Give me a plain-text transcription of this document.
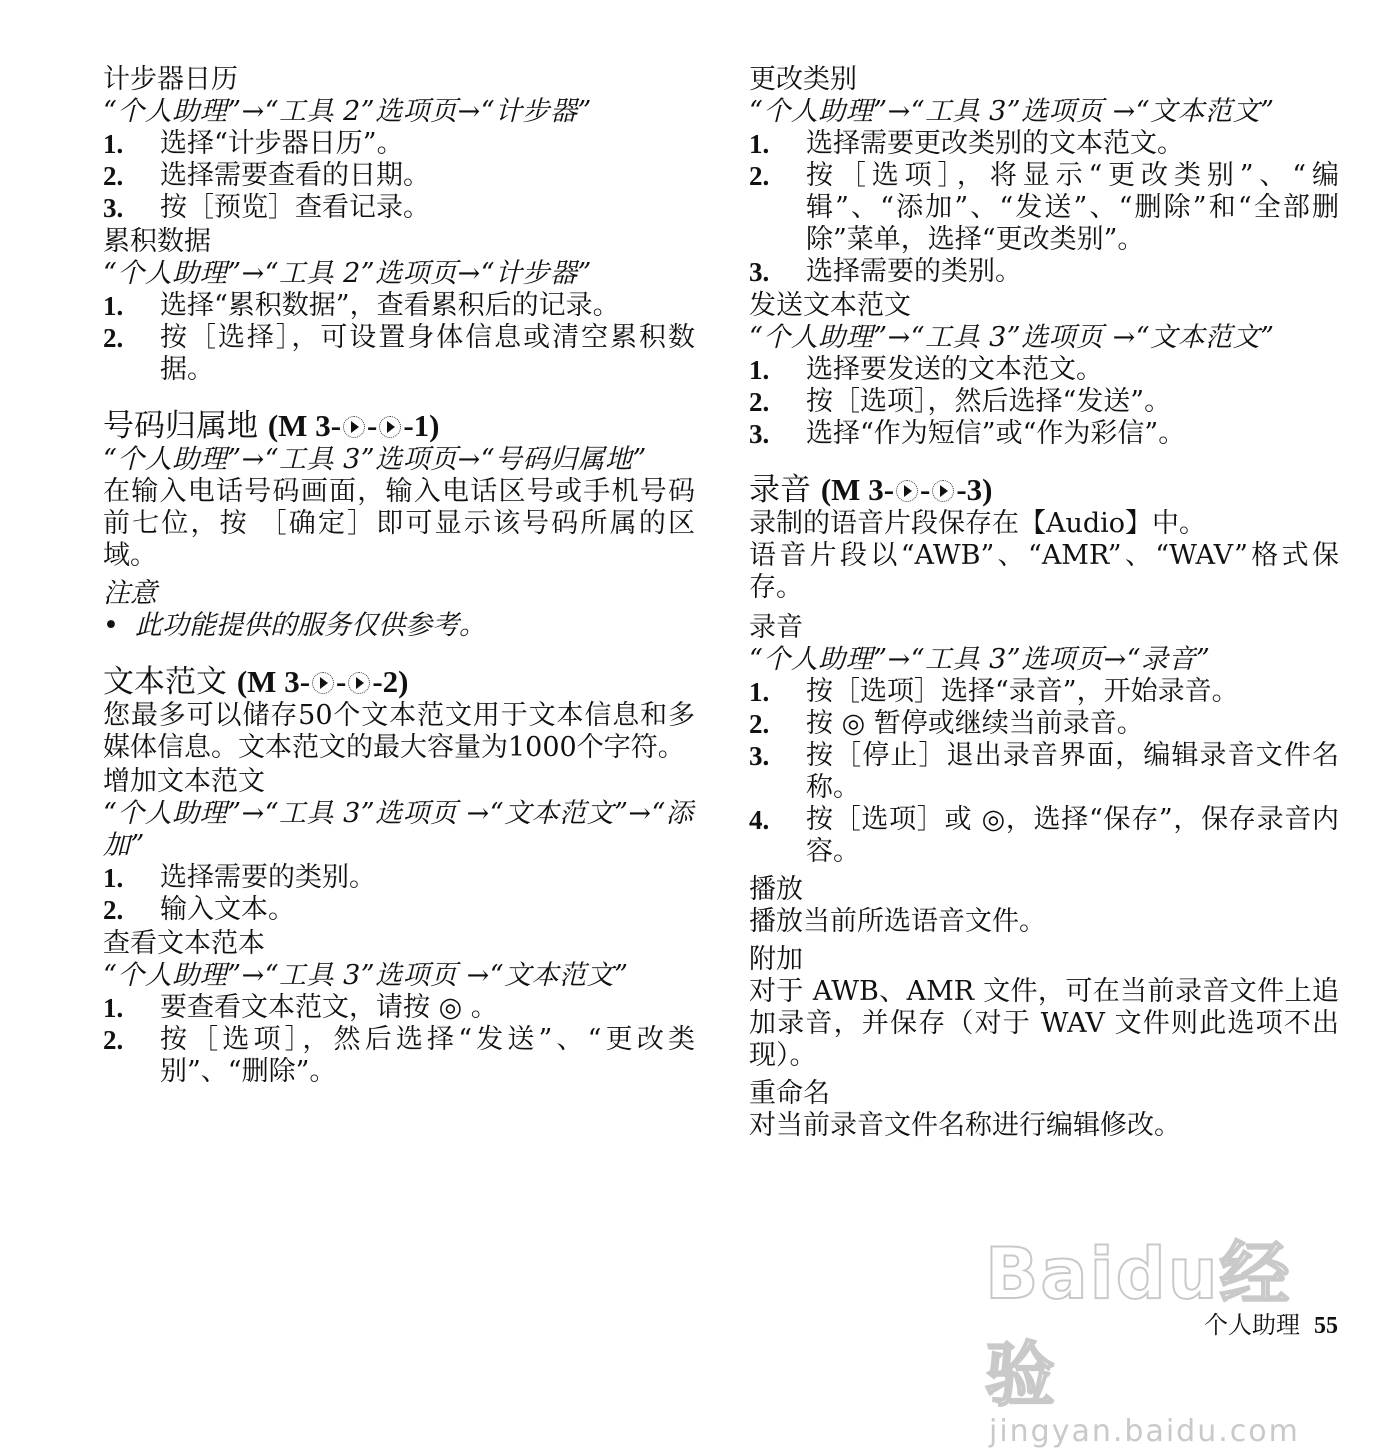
计步器日历
“个人助理”→“工具 2”选项页→“计步器”
1.	选择“计步器日历”。
2.	选择需要查看的日期。
3.	按［预览］查看记录。
累积数据
“个人助理”→“工具 2”选项页→“计步器”
1.	选择“累积数据”，查看累积后的记录。
2.	按［选择］，可设置身体信息或清空累积数据。
号码归属地 (M 3- - -1)
“个人助理”→“工具 3”选项页→“号码归属地”
在输入电话号码画面，输入电话区号或手机号码前七位，按 ［确定］即可显示该号码所属的区域。
注意
• 此功能提供的服务仅供参考。
文本范文 (M 3- - -2)
您最多可以储存50个文本范文用于文本信息和多媒体信息。文本范文的最大容量为1000个字符。
增加文本范文
“个人助理”→“工具 3”选项页 →“文本范文”→“添加”
1.	选择需要的类别。
2.	输入文本。
查看文本范本
“个人助理”→“工具 3”选项页 →“文本范文”
1.	要查看文本范文，请按 ◎ 。
2.	按［选项］，然后选择“发送”、“更改类别”、“删除”。
更改类别
“个人助理”→“工具 3”选项页 →“文本范文”
1.	选择需要更改类别的文本范文。
2.	按［选项］，将显示“更改类别”、“编辑”、“添加”、“发送”、“删除”和“全部删除”菜单，选择“更改类别”。
3.	选择需要的类别。
发送文本范文
“个人助理”→“工具 3”选项页 →“文本范文”
1.	选择要发送的文本范文。
2.	按［选项］，然后选择“发送”。
3.	选择“作为短信”或“作为彩信”。
录音 (M 3- - -3)
录制的语音片段保存在【Audio】中。
语音片段以“AWB”、“AMR”、“WAV”格式保存。
录音
“个人助理”→“工具 3”选项页→“录音”
1.	按［选项］选择“录音”，开始录音。
2.	按 ◎ 暂停或继续当前录音。
3.	按［停止］退出录音界面，编辑录音文件名称。
4.	按［选项］或 ◎，选择“保存”，保存录音内容。
播放
播放当前所选语音文件。
附加
对于 AWB、AMR 文件，可在当前录音文件上追加录音，并保存（对于 WAV 文件则此选项不出现）。
重命名
对当前录音文件名称进行编辑修改。
Baidu经验
jingyan.baidu.com
个人助理 55
